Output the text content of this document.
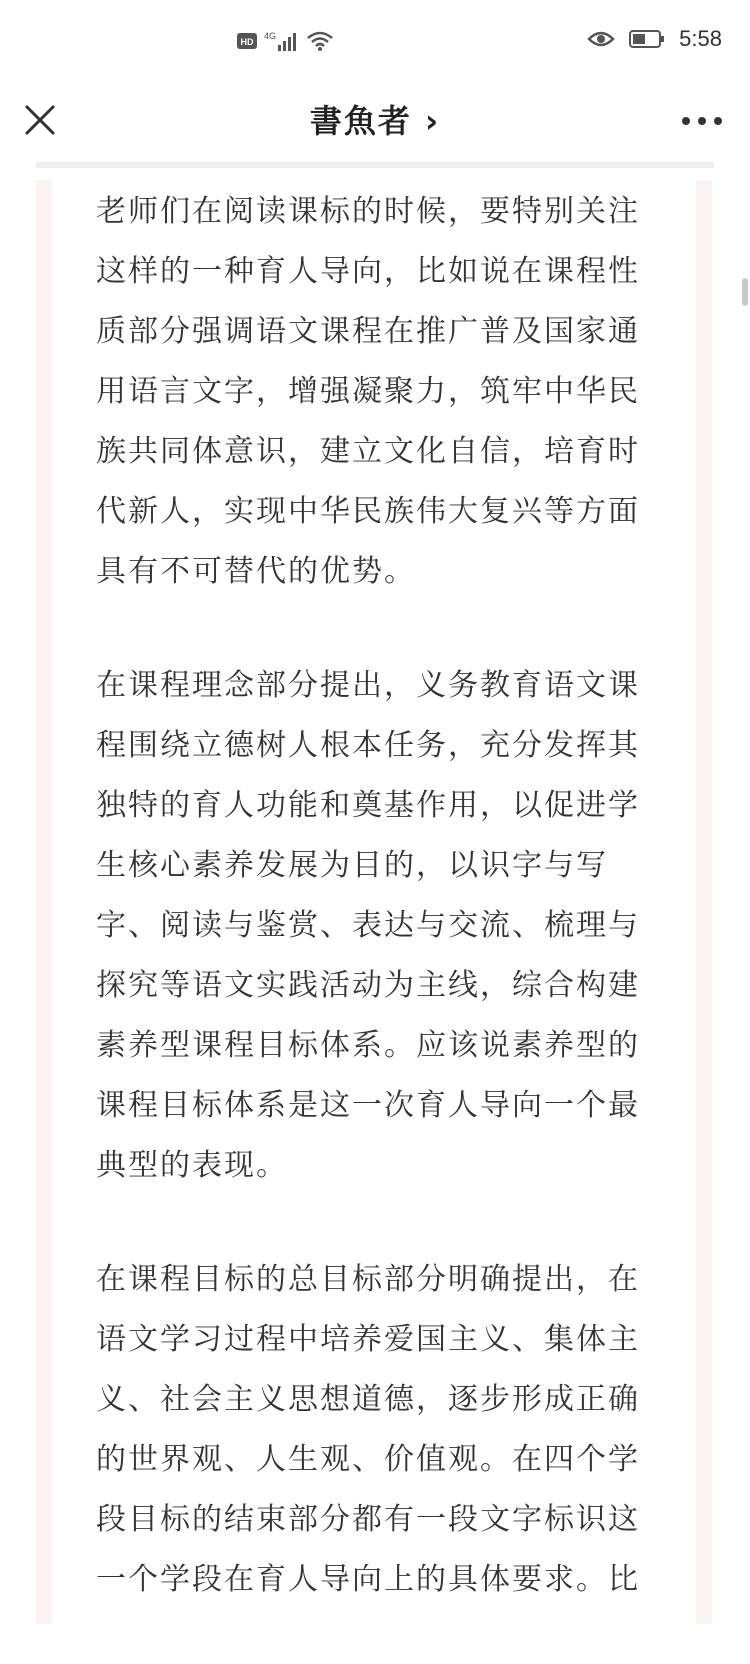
HD
4G	5:58
書魚者 ›

老师们在阅读课标的时候，要特别关注
这样的一种育人导向，比如说在课程性
质部分强调语文课程在推广普及国家通
用语言文字，增强凝聚力，筑牢中华民
族共同体意识，建立文化自信，培育时
代新人，实现中华民族伟大复兴等方面
具有不可替代的优势。

在课程理念部分提出，义务教育语文课
程围绕立德树人根本任务，充分发挥其
独特的育人功能和奠基作用，以促进学
生核心素养发展为目的，以识字与写
字、阅读与鉴赏、表达与交流、梳理与
探究等语文实践活动为主线，综合构建
素养型课程目标体系。应该说素养型的
课程目标体系是这一次育人导向一个最
典型的表现。

在课程目标的总目标部分明确提出，在
语文学习过程中培养爱国主义、集体主
义、社会主义思想道德，逐步形成正确
的世界观、人生观、价值观。在四个学
段目标的结束部分都有一段文字标识这
一个学段在育人导向上的具体要求。比
